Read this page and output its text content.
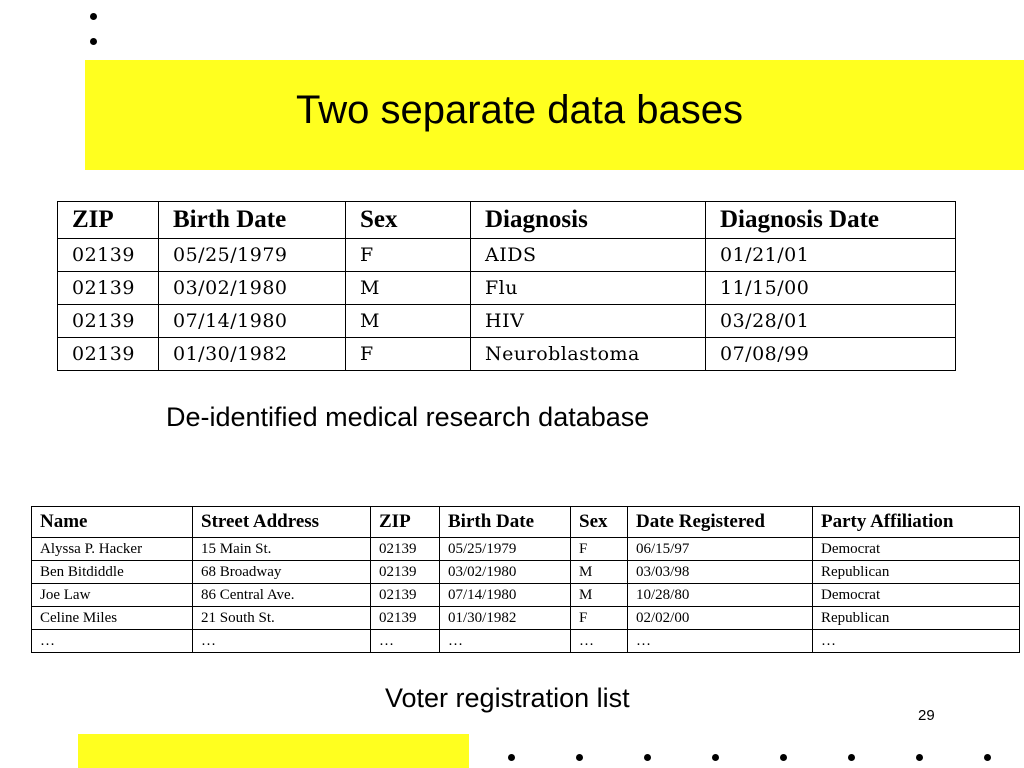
Two separate data bases
ZIP	Birth Date	Sex	Diagnosis	Diagnosis Date
02139	05/25/1979	F	AIDS	01/21/01
02139	03/02/1980	M	Flu	11/15/00
02139	07/14/1980	M	HIV	03/28/01
02139	01/30/1982	F	Neuroblastoma	07/08/99
De-identified medical research database
Name	Street Address	ZIP	Birth Date	Sex	Date Registered	Party Affiliation
Alyssa P. Hacker	15 Main St.	02139	05/25/1979	F	06/15/97	Democrat
Ben Bitdiddle	68 Broadway	02139	03/02/1980	M	03/03/98	Republican
Joe Law	86 Central Ave.	02139	07/14/1980	M	10/28/80	Democrat
Celine Miles	21 South St.	02139	01/30/1982	F	02/02/00	Republican
…	…	…	…	…	…	…
Voter registration list
29
